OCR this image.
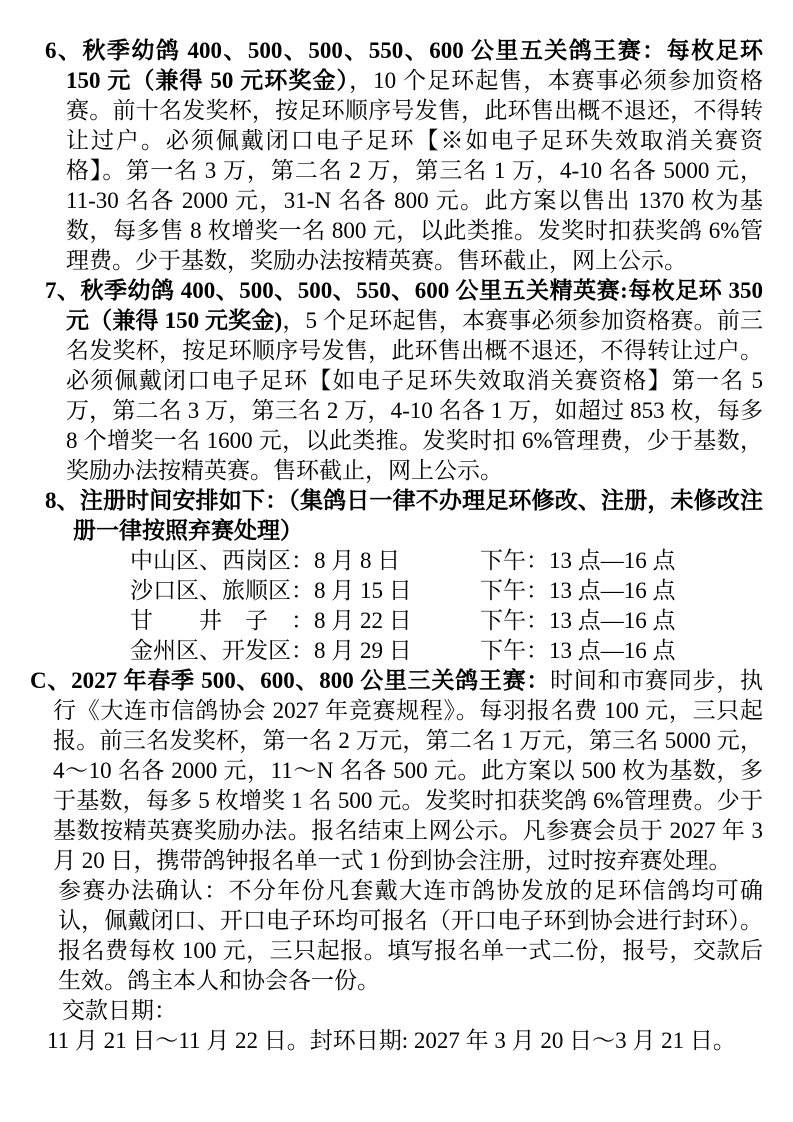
6、秋季幼鸽 400、500、500、550、600 公里五关鸽王赛：每枚足环 150 元（兼得 50 元环奖金），10 个足环起售，本赛事必须参加资格赛。前十名发奖杯，按足环顺序号发售，此环售出概不退还，不得转让过户。必须佩戴闭口电子足环【※如电子足环失效取消关赛资格】。第一名 3 万，第二名 2 万，第三名 1 万，4-10 名各 5000 元，11-30 名各 2000 元，31-N 名各 800 元。此方案以售出 1370 枚为基数，每多售 8 枚增奖一名 800 元，以此类推。发奖时扣获奖鸽 6%管理费。少于基数，奖励办法按精英赛。售环截止，网上公示。

7、秋季幼鸽 400、500、500、550、600 公里五关精英赛:每枚足环 350 元（兼得 150 元奖金)，5 个足环起售，本赛事必须参加资格赛。前三名发奖杯，按足环顺序号发售，此环售出概不退还，不得转让过户。必须佩戴闭口电子足环【如电子足环失效取消关赛资格】第一名 5 万，第二名 3 万，第三名 2 万，4-10 名各 1 万，如超过 853 枚，每多 8 个增奖一名 1600 元，以此类推。发奖时扣 6%管理费，少于基数，奖励办法按精英赛。售环截止，网上公示。

8、注册时间安排如下：（集鸽日一律不办理足环修改、注册，未修改注册一律按照弃赛处理）

中山区、西岗区：8 月 8 日	下午：13 点—16 点
沙口区、旅顺区：8 月 15 日	下午：13 点—16 点
甘　　井　子　：8 月 22 日	下午：13 点—16 点
金州区、开发区：8 月 29 日	下午：13 点—16 点

C、2027 年春季 500、600、800 公里三关鸽王赛：时间和市赛同步，执行《大连市信鸽协会 2027 年竞赛规程》。每羽报名费 100 元，三只起报。前三名发奖杯，第一名 2 万元，第二名 1 万元，第三名 5000 元，4～10 名各 2000 元，11～N 名各 500 元。此方案以 500 枚为基数，多于基数，每多 5 枚增奖 1 名 500 元。发奖时扣获奖鸽 6%管理费。少于基数按精英赛奖励办法。报名结束上网公示。凡参赛会员于 2027 年 3 月 20 日，携带鸽钟报名单一式 1 份到协会注册，过时按弃赛处理。

参赛办法确认：不分年份凡套戴大连市鸽协发放的足环信鸽均可确认，佩戴闭口、开口电子环均可报名（开口电子环到协会进行封环）。报名费每枚 100 元，三只起报。填写报名单一式二份，报号，交款后生效。鸽主本人和协会各一份。

交款日期：

11 月 21 日～11 月 22 日。封环日期: 2027 年 3 月 20 日～3 月 21 日。
